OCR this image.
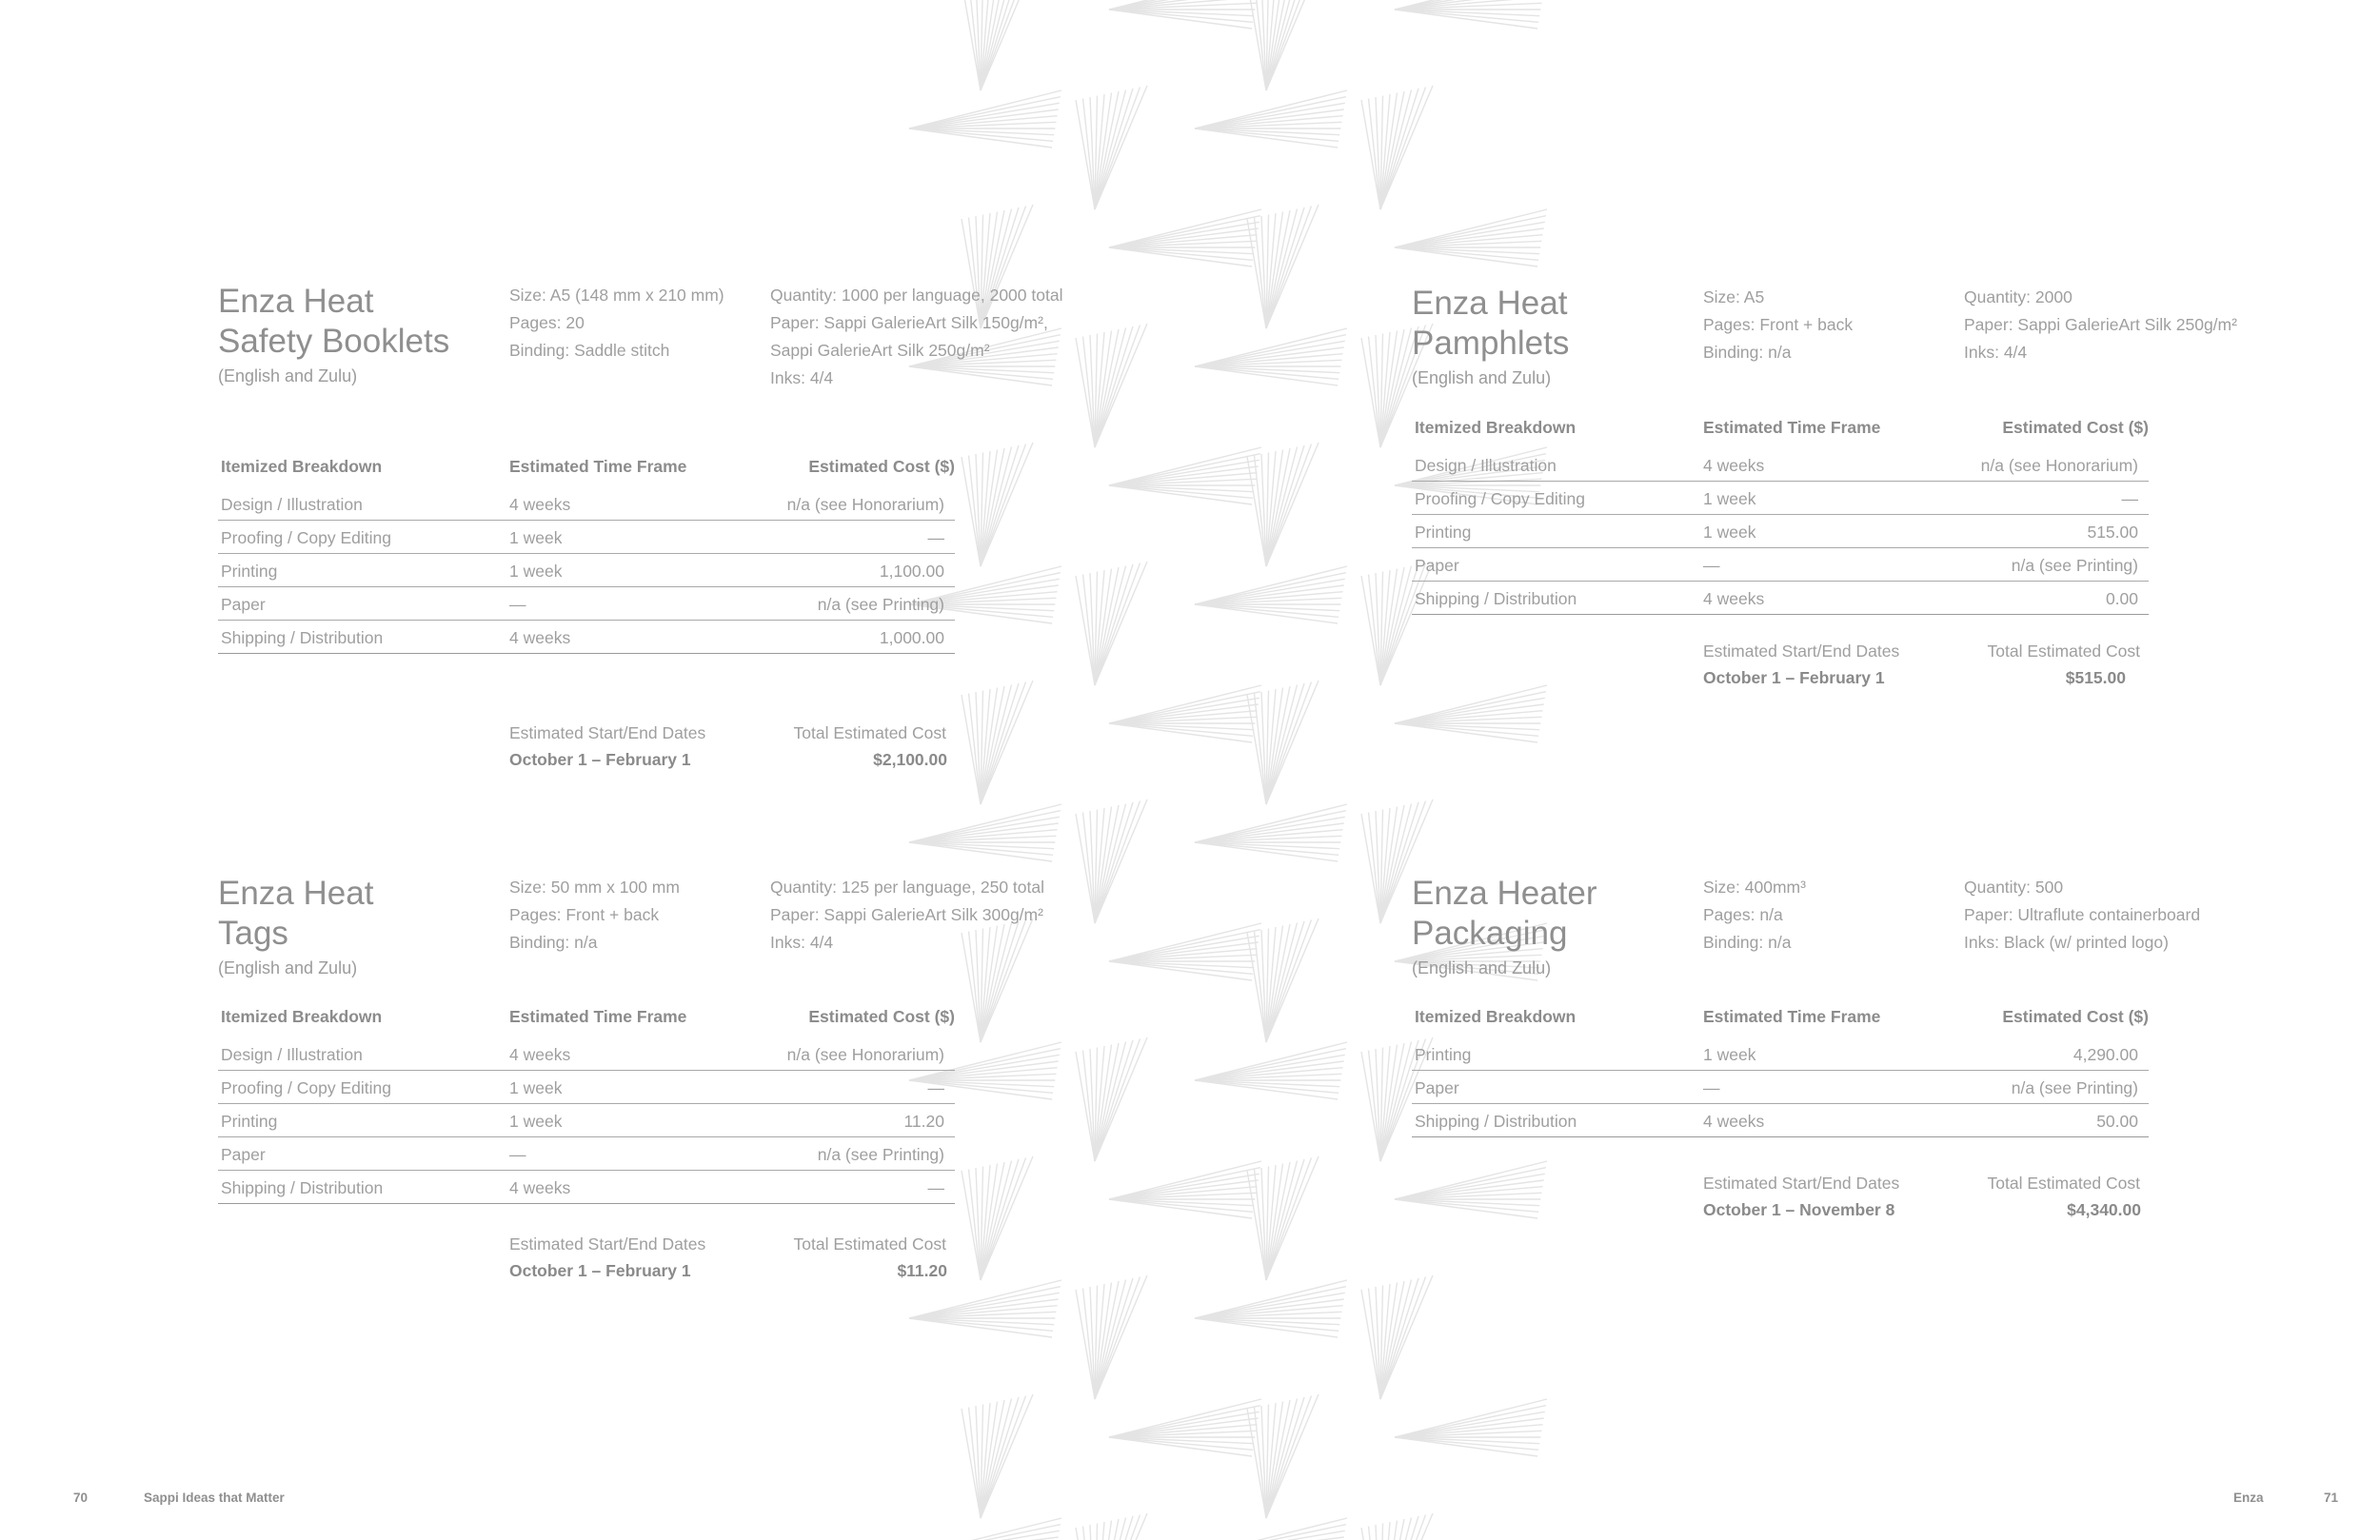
Enza Heat
Safety Booklets
(English and Zulu)
Size: A5 (148 mm x 210 mm)
Pages: 20
Binding: Saddle stitch
Quantity: 1000 per language, 2000 total
Paper: Sappi GalerieArt Silk 150g/m²,
Sappi GalerieArt Silk 250g/m²
Inks: 4/4
Itemized Breakdown	Estimated Time Frame	Estimated Cost ($)
Design / Illustration	4 weeks	n/a (see Honorarium)
Proofing / Copy Editing	1 week	—
Printing	1 week	1,100.00
Paper	—	n/a (see Printing)
Shipping / Distribution	4 weeks	1,000.00
Estimated Start/End Dates	Total Estimated Cost
October 1 – February 1	$2,100.00
Enza Heat
Pamphlets
(English and Zulu)
Size: A5
Pages: Front + back
Binding: n/a
Quantity: 2000
Paper: Sappi GalerieArt Silk 250g/m²
Inks: 4/4
Itemized Breakdown	Estimated Time Frame	Estimated Cost ($)
Design / Illustration	4 weeks	n/a (see Honorarium)
Proofing / Copy Editing	1 week	—
Printing	1 week	515.00
Paper	—	n/a (see Printing)
Shipping / Distribution	4 weeks	0.00
Estimated Start/End Dates	Total Estimated Cost
October 1 – February 1	$515.00
Enza Heat
Tags
(English and Zulu)
Size: 50 mm x 100 mm
Pages: Front + back
Binding: n/a
Quantity: 125 per language, 250 total
Paper: Sappi GalerieArt Silk 300g/m²
Inks: 4/4
Itemized Breakdown	Estimated Time Frame	Estimated Cost ($)
Design / Illustration	4 weeks	n/a (see Honorarium)
Proofing / Copy Editing	1 week	—
Printing	1 week	11.20
Paper	—	n/a (see Printing)
Shipping / Distribution	4 weeks	—
Estimated Start/End Dates	Total Estimated Cost
October 1 – February 1	$11.20
Enza Heater
Packaging
(English and Zulu)
Size: 400mm³
Pages: n/a
Binding: n/a
Quantity: 500
Paper: Ultraflute containerboard
Inks: Black (w/ printed logo)
Itemized Breakdown	Estimated Time Frame	Estimated Cost ($)
Printing	1 week	4,290.00
Paper	—	n/a (see Printing)
Shipping / Distribution	4 weeks	50.00
Estimated Start/End Dates	Total Estimated Cost
October 1 – November 8	$4,340.00
70	Sappi Ideas that Matter	Enza	71
